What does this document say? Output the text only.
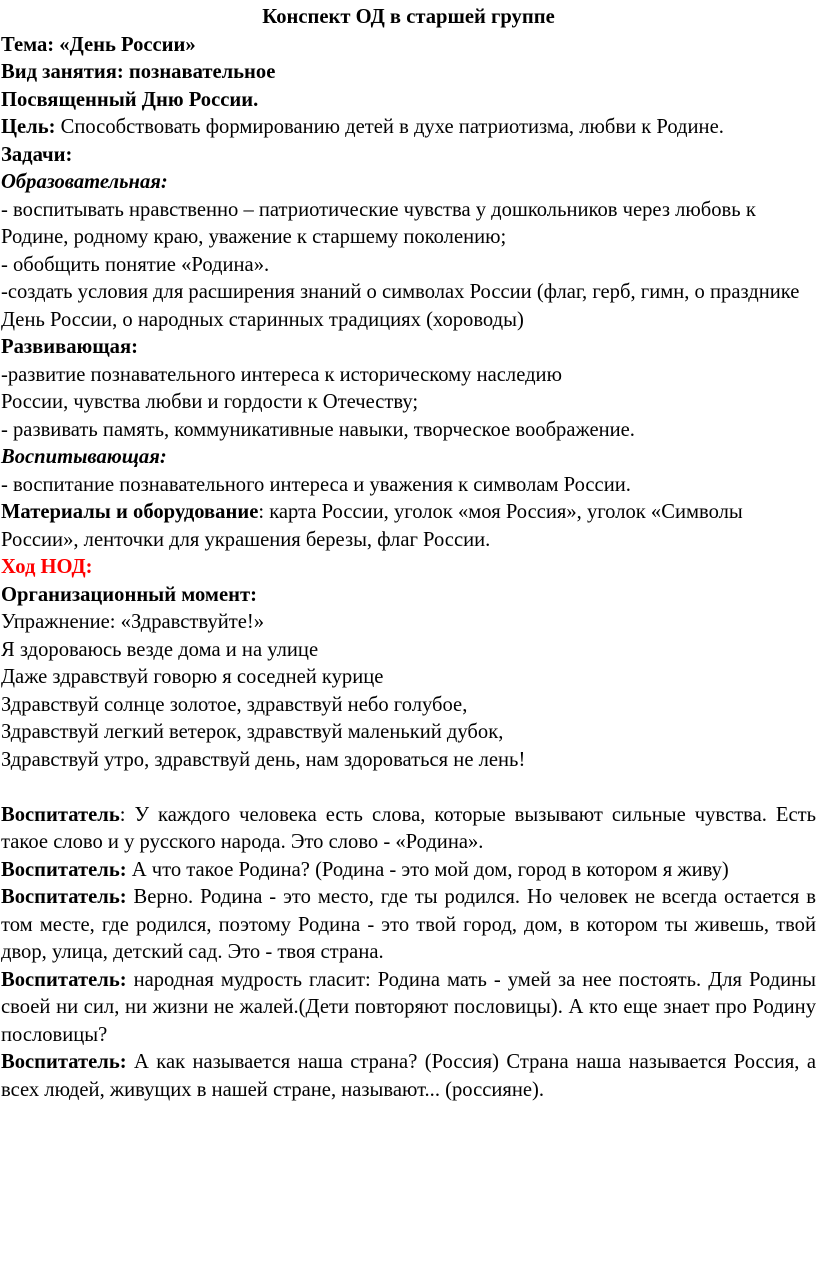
Конспект ОД в старшей группе

Тема: «День России»

Вид занятия: познавательное

Посвященный Дню России.

Цель: Способствовать формированию детей в духе патриотизма, любви к Родине.

Задачи:

Образовательная:

- воспитывать нравственно – патриотические чувства у дошкольников через любовь к Родине, родному краю, уважение к старшему поколению;

- обобщить понятие «Родина».

-создать условия для расширения знаний о символах России (флаг, герб, гимн, о празднике День России, о народных старинных традициях (хороводы)

Развивающая:

-развитие познавательного интереса к историческому наследию

России, чувства любви и гордости к Отечеству;

- развивать память, коммуникативные навыки, творческое воображение.

Воспитывающая:

- воспитание познавательного интереса и уважения к символам России.

Материалы и оборудование: карта России, уголок «моя Россия», уголок «Символы

России», ленточки для украшения березы, флаг России.

Ход НОД:

Организационный момент:

Упражнение: «Здравствуйте!»

Я здороваюсь везде дома и на улице

Даже здравствуй говорю я соседней курице

Здравствуй солнце золотое, здравствуй небо голубое,

Здравствуй легкий ветерок, здравствуй маленький дубок,

Здравствуй утро, здравствуй день, нам здороваться не лень!

Воспитатель: У каждого человека есть слова, которые вызывают сильные чувства. Есть такое слово и у русского народа. Это слово - «Родина».

Воспитатель: А что такое Родина? (Родина - это мой дом, город в котором я живу)

Воспитатель: Верно. Родина - это место, где ты родился. Но человек не всегда остается в том месте, где родился, поэтому Родина - это твой город, дом, в котором ты живешь, твой двор, улица, детский сад. Это - твоя страна.

Воспитатель: народная мудрость гласит: Родина мать - умей за нее постоять. Для Родины своей ни сил, ни жизни не жалей.(Дети повторяют пословицы). А кто еще знает про Родину пословицы?

Воспитатель: А как называется наша страна? (Россия) Страна наша называется Россия, а всех людей, живущих в нашей стране, называют... (россияне).
